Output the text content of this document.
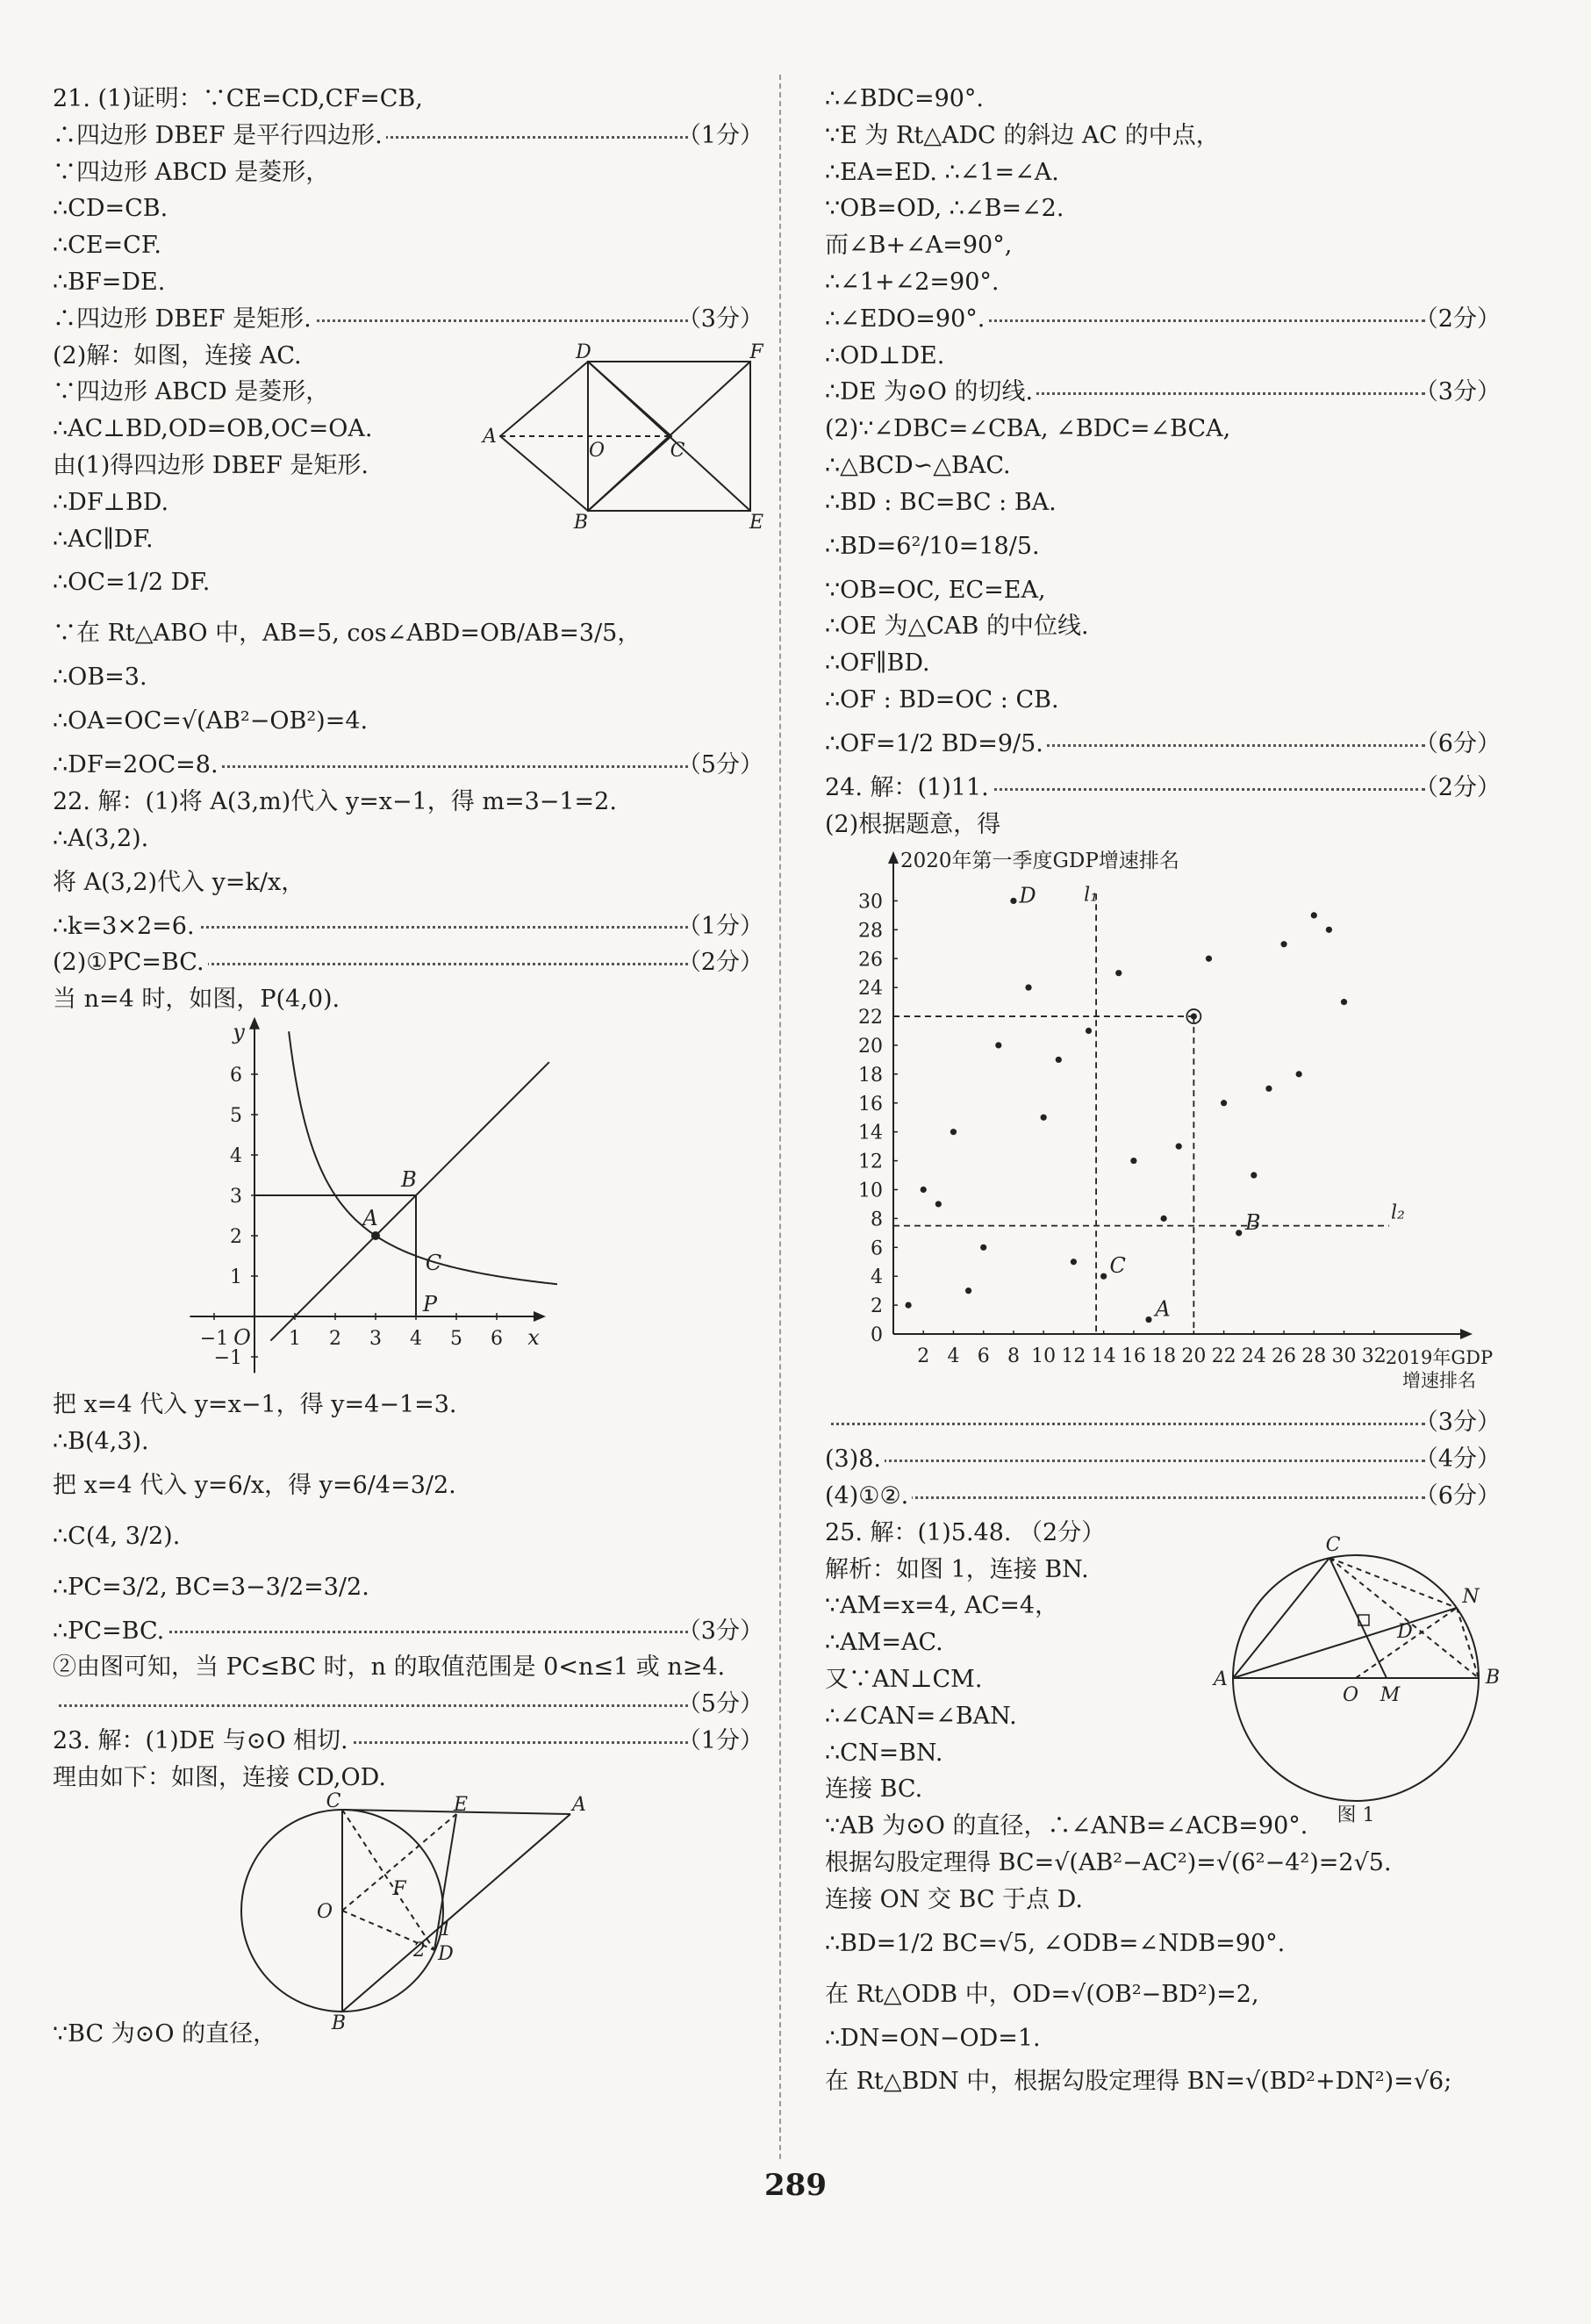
21. (1)证明：∵CE=CD,CF=CB,
∴四边形 DBEF 是平行四边形.	（1分）
∵四边形 ABCD 是菱形，
∴CD=CB.
∴CE=CF.
∴BF=DE.
∴四边形 DBEF 是矩形.	（3分）
(2)解：如图，连接 AC.
∵四边形 ABCD 是菱形，
∴AC⊥BD,OD=OB,OC=OA.
由(1)得四边形 DBEF 是矩形.
∴DF⊥BD.
∴AC∥DF.
∴OC=1/2 DF.
∵在 Rt△ABO 中，AB=5, cos∠ABD=OB/AB=3/5，
∴OB=3.
∴OA=OC=√(AB²−OB²)=4.
∴DF=2OC=8.	（5分）
22. 解：(1)将 A(3,m)代入 y=x−1，得 m=3−1=2.
∴A(3,2).
将 A(3,2)代入 y=k/x，
∴k=3×2=6.	（1分）
(2)①PC=BC.	（2分）
当 n=4 时，如图，P(4,0).
D	F
A
O	C
B	E
6
5
4
3
2
1
−1
−1	1 2 3 4 5 6
y
x
B
A
C
P
O
把 x=4 代入 y=x−1，得 y=4−1=3.
∴B(4,3).
把 x=4 代入 y=6/x，得 y=6/4=3/2.
∴C(4, 3/2).
∴PC=3/2, BC=3−3/2=3/2.
∴PC=BC.	（3分）
②由图可知，当 PC≤BC 时，n 的取值范围是 0<n≤1 或 n≥4.
（5分）
23. 解：(1)DE 与⊙O 相切.	（1分）
理由如下：如图，连接 CD,OD.
C	E	A
O
F
1
2 D
B
∵BC 为⊙O 的直径，
∴∠BDC=90°.
∵E 为 Rt△ADC 的斜边 AC 的中点，
∴EA=ED. ∴∠1=∠A.
∵OB=OD, ∴∠B=∠2.
而∠B+∠A=90°,
∴∠1+∠2=90°.
∴∠EDO=90°.	（2分）
∴OD⊥DE.
∴DE 为⊙O 的切线.	（3分）
(2)∵∠DBC=∠CBA, ∠BDC=∠BCA,
∴△BCD∽△BAC.
∴BD : BC=BC : BA.
∴BD=6²/10=18/5.
∵OB=OC, EC=EA,
∴OE 为△CAB 的中位线.
∴OF∥BD.
∴OF : BD=OC : CB.
∴OF=1/2 BD=9/5.	（6分）
24. 解：(1)11.	（2分）
(2)根据题意，得
2020年第一季度GDP增速排名
2019年GDP 增速排名
2 4 6 8 10 12 14 16 18 20 22 24 26 28 30 32
30
28
26
24
22
20
18
16
14
12
10
8
6
4
2
0
l₁
l₂
D
C
A
B
（3分）
(3)8.	（4分）
(4)①②.	（6分）
25. 解：(1)5.48. （2分）
解析：如图 1，连接 BN.
∵AM=x=4, AC=4，
∴AM=AC.
又∵AN⊥CM.
∴∠CAN=∠BAN.
∴CN=BN.
连接 BC.
∵AB 为⊙O 的直径，∴∠ANB=∠ACB=90°.
根据勾股定理得 BC=√(AB²−AC²)=√(6²−4²)=2√5.
连接 ON 交 BC 于点 D.
∴BD=1/2 BC=√5, ∠ODB=∠NDB=90°.
在 Rt△ODB 中，OD=√(OB²−BD²)=2,
∴DN=ON−OD=1.
在 Rt△BDN 中，根据勾股定理得 BN=√(BD²+DN²)=√6;
C
N
D
A
O M
B
图 1
289
